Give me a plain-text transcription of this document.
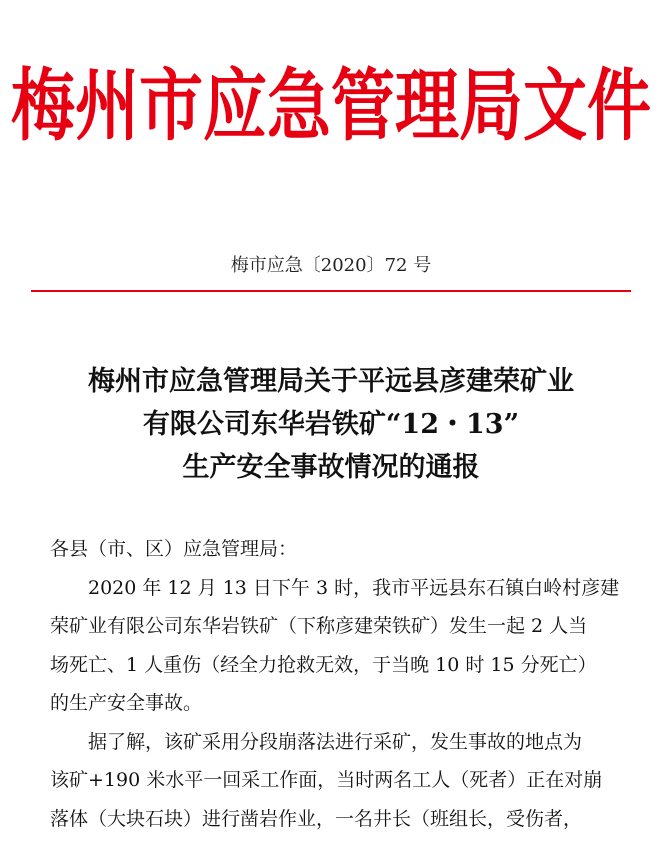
梅州市应急管理局文件
梅市应急〔2020〕72 号
梅州市应急管理局关于平远县彦建荣矿业
有限公司东华岩铁矿“12・13”
生产安全事故情况的通报

各县（市、区）应急管理局：

2020 年 12 月 13 日下午 3 时，我市平远县东石镇白岭村彦建

荣矿业有限公司东华岩铁矿（下称彦建荣铁矿）发生一起 2 人当

场死亡、1 人重伤（经全力抢救无效，于当晚 10 时 15 分死亡）

的生产安全事故。

据了解，该矿采用分段崩落法进行采矿，发生事故的地点为

该矿+190 米水平一回采工作面，当时两名工人（死者）正在对崩

落体（大块石块）进行凿岩作业，一名井长（班组长，受伤者，
